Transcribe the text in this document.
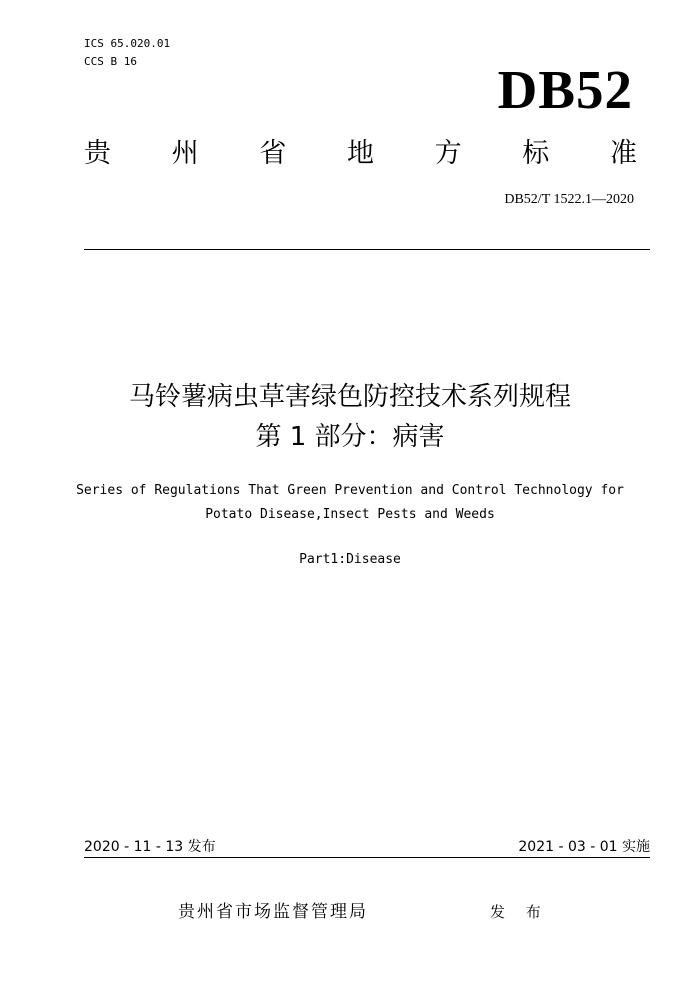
ICS 65.020.01
CCS B 16	DB52
贵 州 省 地 方 标 准
DB52/T 1522.1—2020
马铃薯病虫草害绿色防控技术系列规程
第 1 部分：病害
Series of Regulations That Green Prevention and Control Technology for
Potato Disease,Insect Pests and Weeds
Part1:Disease
2020 - 11 - 13 发布	2021 - 03 - 01 实施
贵州省市场监督管理局	发 布
